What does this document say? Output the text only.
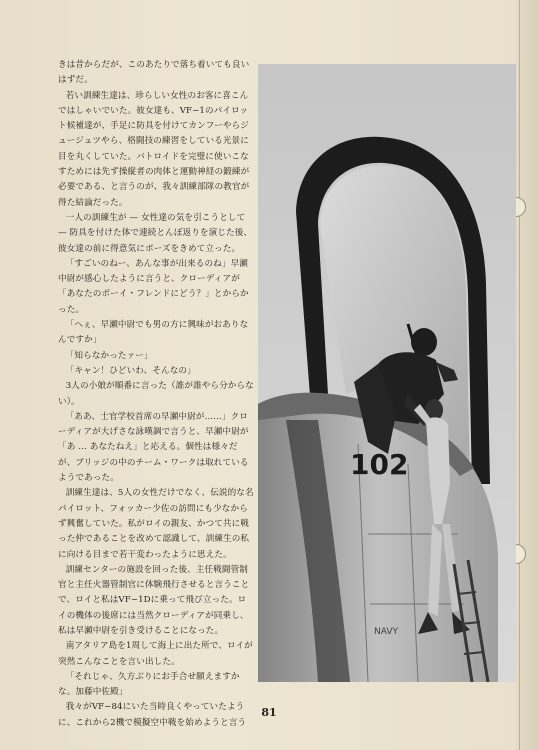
きは昔からだが、このあたりで落ち着いても良いはずだ。

若い訓練生達は、珍らしい女性のお客に喜こんではしゃいでいた。彼女達も、VF−1のパイロット候補達が、手足に防具を付けてカンフーやらジュージュツやら、格闘技の練習をしている光景に目を丸くしていた。バトロイドを完璧に使いこなすためには先ず操縦者の肉体と運動神経の鍛練が必要である、と言うのが、我々訓練部隊の教官が得た結論だった。

一人の訓練生が — 女性達の気を引こうとして — 防具を付けた体で連続とんぼ返りを演じた後、彼女達の前に得意気にポーズをきめて立った。

「すごいのねー、あんな事が出来るのね」早瀬中尉が感心したように言うと、クローディアが「あなたのボーイ・フレンドにどう？」とからかった。

「へぇ、早瀬中尉でも男の方に興味がおありなんですか」

「知らなかったァー」

「キャン！ひどいわ、そんなの」

3人の小娘が順番に言った（誰が誰やら分からない）。

「ああ、士官学校首席の早瀬中尉が……」クローディアが大げさな詠嘆調で言うと、早瀬中尉が「あ … あなたねえ」と応える。個性は様々だが、ブリッジの中のチーム・ワークは取れているようであった。

訓練生達は、5人の女性だけでなく、伝説的な名パイロット、フォッカー少佐の訪問にも少なからず興奮していた。私がロイの親友、かつて共に戦った仲であることを改めて認識して、訓練生の私に向ける目まで若干変わったように思えた。

訓練センターの施設を回った後、主任戦闘管制官と主任火器管制官に体験飛行させると言うことで、ロイと私はVF−1Dに乗って飛び立った。ロイの機体の後席には当然クローディアが同乗し、私は早瀬中尉を引き受けることになった。

南アタリア島を1周して海上に出た所で、ロイが突然こんなことを言い出した。

「それじゃ、久方ぶりにお手合せ願えますかな。加藤中佐殿」

我々がVF−84にいた当時良くやっていたように、これから2機で模擬空中戦を始めようと言う

102
NAVY
81
